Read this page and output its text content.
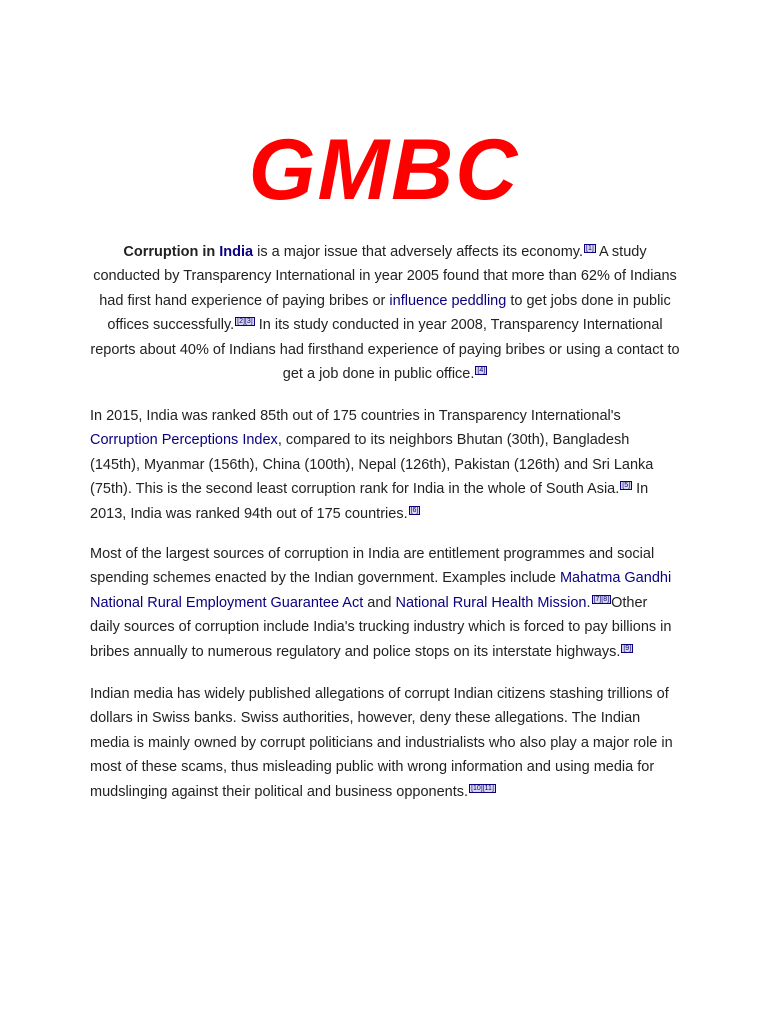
GMBC

Corruption in India is a major issue that adversely affects its economy. [1] A study conducted by Transparency International in year 2005 found that more than 62% of Indians had first hand experience of paying bribes or influence peddling to get jobs done in public offices successfully. [2][3] In its study conducted in year 2008, Transparency International reports about 40% of Indians had firsthand experience of paying bribes or using a contact to get a job done in public office. [4]

In 2015, India was ranked 85th out of 175 countries in Transparency International's Corruption Perceptions Index, compared to its neighbors Bhutan (30th), Bangladesh (145th), Myanmar (156th), China (100th), Nepal (126th), Pakistan (126th) and Sri Lanka (75th). This is the second least corruption rank for India in the whole of South Asia. [5] In 2013, India was ranked 94th out of 175 countries. [6]

Most of the largest sources of corruption in India are entitlement programmes and social spending schemes enacted by the Indian government. Examples include Mahatma Gandhi National Rural Employment Guarantee Act and National Rural Health Mission. [7][8] Other daily sources of corruption include India's trucking industry which is forced to pay billions in bribes annually to numerous regulatory and police stops on its interstate highways. [9]

Indian media has widely published allegations of corrupt Indian citizens stashing trillions of dollars in Swiss banks. Swiss authorities, however, deny these allegations. The Indian media is mainly owned by corrupt politicians and industrialists who also play a major role in most of these scams, thus misleading public with wrong information and using media for mudslinging against their political and business opponents. [10][11]
